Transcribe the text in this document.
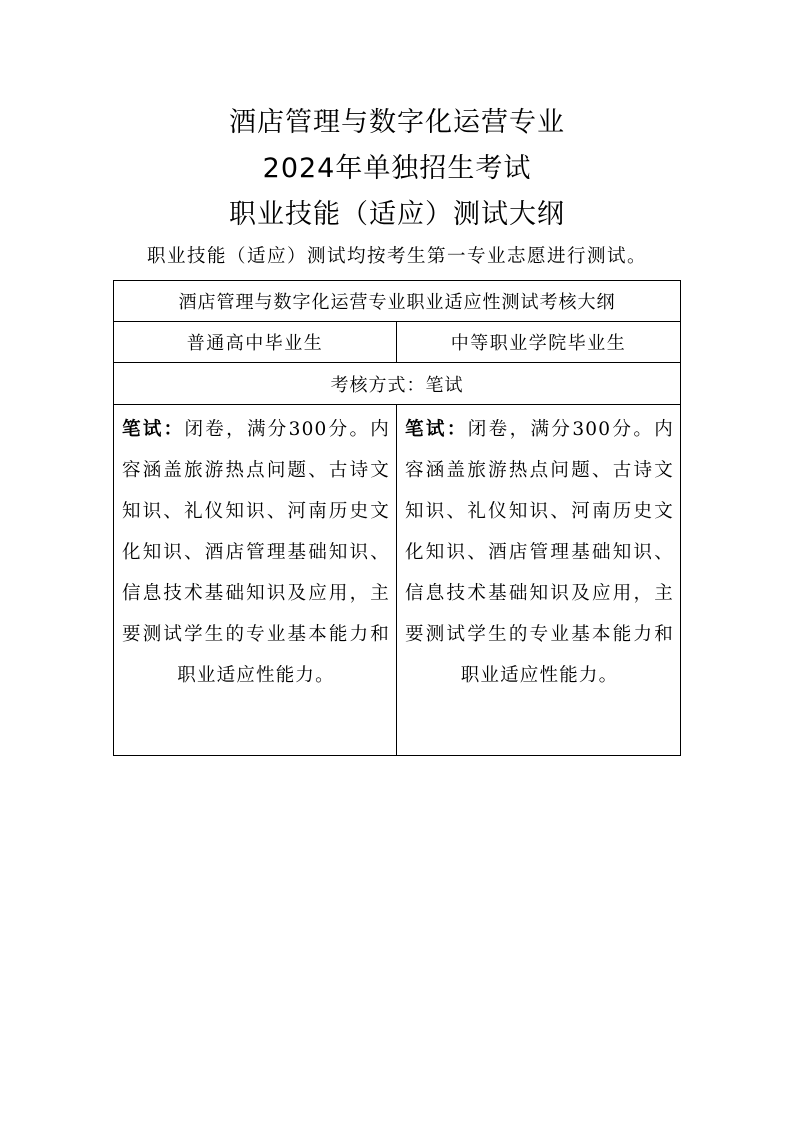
酒店管理与数字化运营专业
2024年单独招生考试
职业技能（适应）测试大纲

职业技能（适应）测试均按考生第一专业志愿进行测试。

酒店管理与数字化运营专业职业适应性测试考核大纲
普通高中毕业生	中等职业学院毕业生
考核方式：笔试
笔试：闭卷，满分300分。内容涵盖旅游热点问题、古诗文知识、礼仪知识、河南历史文化知识、酒店管理基础知识、信息技术基础知识及应用，主要测试学生的专业基本能力和职业适应性能力。
笔试：闭卷，满分300分。内容涵盖旅游热点问题、古诗文知识、礼仪知识、河南历史文化知识、酒店管理基础知识、信息技术基础知识及应用，主要测试学生的专业基本能力和职业适应性能力。
